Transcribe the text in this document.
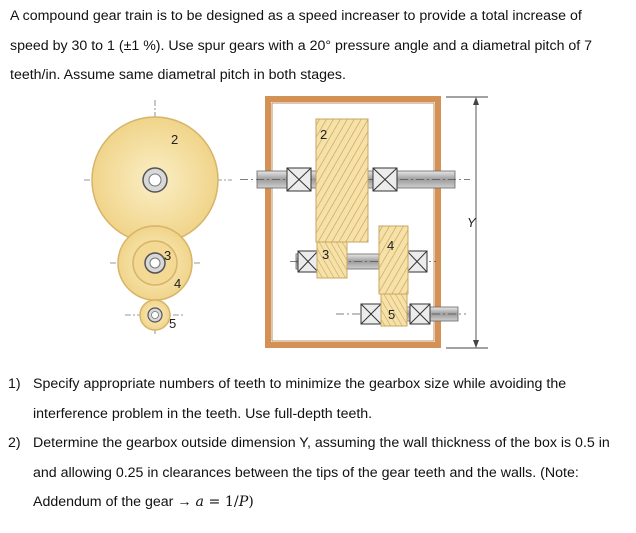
A compound gear train is to be designed as a speed increaser to provide a total increase of speed by 30 to 1 (±1 %). Use spur gears with a 20° pressure angle and a diametral pitch of 7 teeth/in. Assume same diametral pitch in both stages.

2
3
4
5
2
3
4
5
Y
1) Specify appropriate numbers of teeth to minimize the gearbox size while avoiding the interference problem in the teeth. Use full-depth teeth.
2) Determine the gearbox outside dimension Y, assuming the wall thickness of the box is 0.5 in and allowing 0.25 in clearances between the tips of the gear teeth and the walls. (Note: Addendum of the gear → a = 1/P)
